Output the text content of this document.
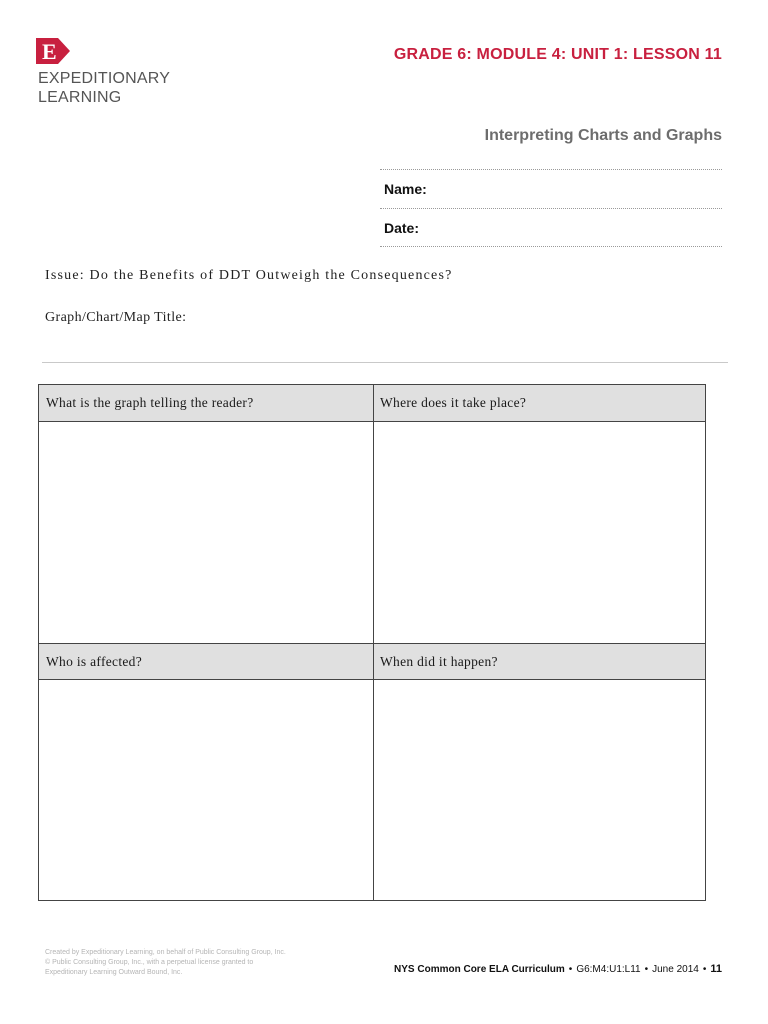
E
EXPEDITIONARY
LEARNING
GRADE 6: MODULE 4: UNIT 1: LESSON 11
Interpreting Charts and Graphs
Name:
Date:
Issue: Do the Benefits of DDT Outweigh the Consequences?
Graph/Chart/Map Title:
What is the graph telling the reader?	Where does it take place?
Who is affected?	When did it happen?
Created by Expeditionary Learning, on behalf of Public Consulting Group, Inc.
© Public Consulting Group, Inc., with a perpetual license granted to
Expeditionary Learning Outward Bound, Inc.	NYS Common Core ELA Curriculum • G6:M4:U1:L11 • June 2014 • 11
